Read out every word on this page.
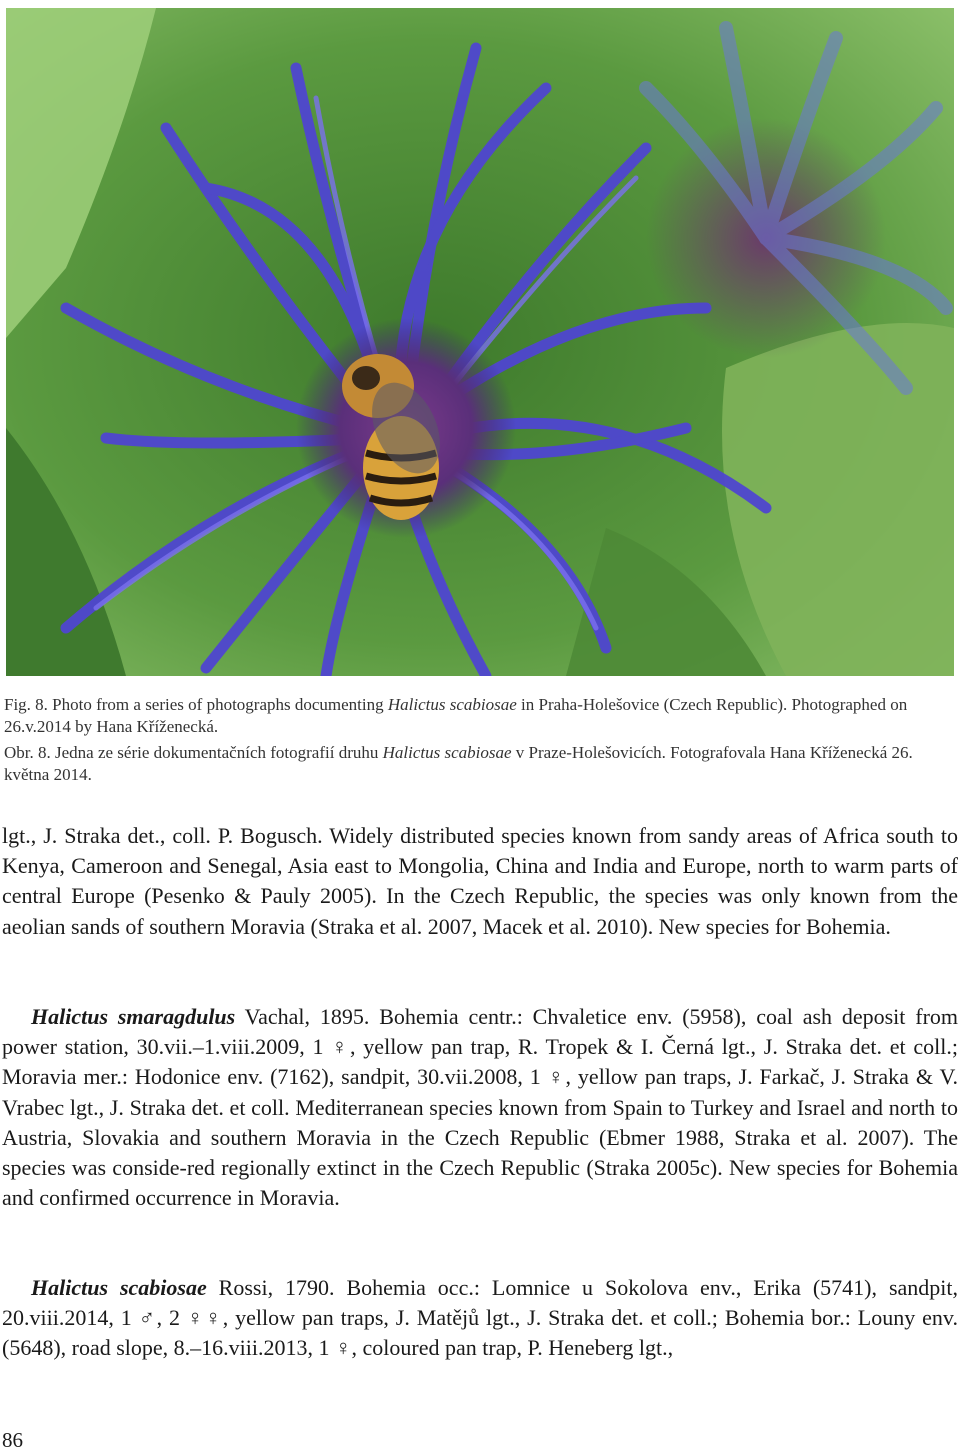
Fig. 8. Photo from a series of photographs documenting Halictus scabiosae in Praha-Holešovice (Czech Republic). Photographed on 26.v.2014 by Hana Kříženecká.
Obr. 8. Jedna ze série dokumentačních fotografií druhu Halictus scabiosae v Praze-Holešovicích. Fotografovala Hana Kříženecká 26. května 2014.
lgt., J. Straka det., coll. P. Bogusch. Widely distributed species known from sandy areas of Africa south to Kenya, Cameroon and Senegal, Asia east to Mongolia, China and India and Europe, north to warm parts of central Europe (Pesenko & Pauly 2005). In the Czech Republic, the species was only known from the aeolian sands of southern Moravia (Straka et al. 2007, Macek et al. 2010). New species for Bohemia.
Halictus smaragdulus Vachal, 1895. Bohemia centr.: Chvaletice env. (5958), coal ash deposit from power station, 30.vii.–1.viii.2009, 1 ♀, yellow pan trap, R. Tropek & I. Černá lgt., J. Straka det. et coll.; Moravia mer.: Hodonice env. (7162), sandpit, 30.vii.2008, 1 ♀, yellow pan traps, J. Farkač, J. Straka & V. Vrabec lgt., J. Straka det. et coll. Mediterranean species known from Spain to Turkey and Israel and north to Austria, Slovakia and southern Moravia in the Czech Republic (Ebmer 1988, Straka et al. 2007). The species was conside-red regionally extinct in the Czech Republic (Straka 2005c). New species for Bohemia and confirmed occurrence in Moravia.
Halictus scabiosae Rossi, 1790. Bohemia occ.: Lomnice u Sokolova env., Erika (5741), sandpit, 20.viii.2014, 1 ♂, 2 ♀♀, yellow pan traps, J. Matějů lgt., J. Straka det. et coll.; Bohemia bor.: Louny env. (5648), road slope, 8.–16.viii.2013, 1 ♀, coloured pan trap, P. Heneberg lgt.,
86
